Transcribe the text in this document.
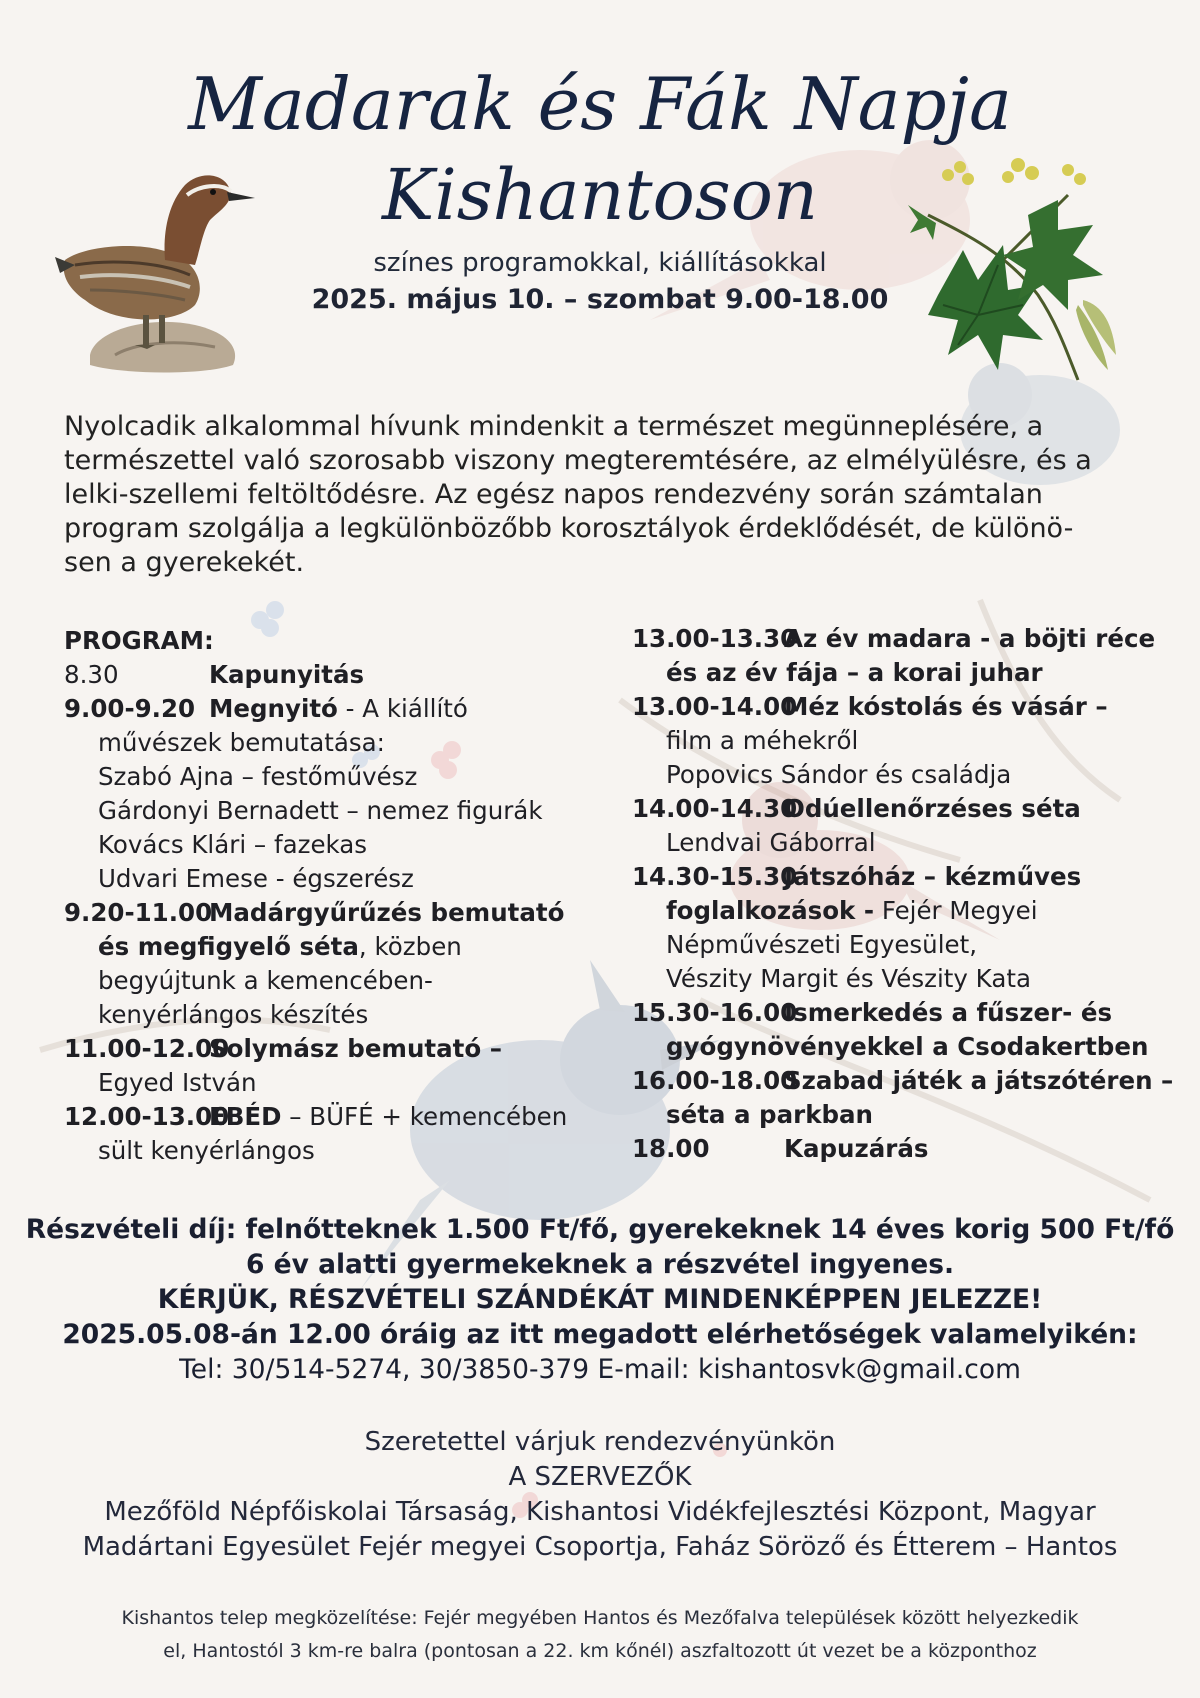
Madarak és Fák Napja
Kishantoson
színes programokkal, kiállításokkal
2025. május 10. – szombat 9.00-18.00
Nyolcadik alkalommal hívunk mindenkit a természet megünneplésére, a
természettel való szorosabb viszony megteremtésére, az elmélyülésre, és a
lelki-szellemi feltöltődésre. Az egész napos rendezvény során számtalan
program szolgálja a legkülönbözőbb korosztályok érdeklődését, de különö-
sen a gyerekekét.
PROGRAM:
8.30	Kapunyitás
9.00-9.20 Megnyitó - A kiállító
művészek bemutatása:
Szabó Ajna – festőművész
Gárdonyi Bernadett – nemez figurák
Kovács Klári – fazekas
Udvari Emese - égszerész
9.20-11.00Madárgyűrűzés bemutató
és megfigyelő séta, közben
begyújtunk a kemencében-
kenyérlángos készítés
11.00-12.00Solymász bemutató –
Egyed István
12.00-13.00EBÉD – BÜFÉ + kemencében
sült kenyérlángos
13.00-13.30Az év madara - a böjti réce
és az év fája – a korai juhar
13.00-14.00Méz kóstolás és vásár –
film a méhekről
Popovics Sándor és családja
14.00-14.30Odúellenőrzéses séta
Lendvai Gáborral
14.30-15.30Játszóház – kézműves
foglalkozások - Fejér Megyei
Népművészeti Egyesület,
Vészity Margit és Vészity Kata
15.30-16.00Ismerkedés a fűszer- és
gyógynövényekkel a Csodakertben
16.00-18.00Szabad játék a játszótéren –
séta a parkban
18.00	Kapuzárás
Részvételi díj: felnőtteknek 1.500 Ft/fő, gyerekeknek 14 éves korig 500 Ft/fő
6 év alatti gyermekeknek a részvétel ingyenes.
KÉRJÜK, RÉSZVÉTELI SZÁNDÉKÁT MINDENKÉPPEN JELEZZE!
2025.05.08-án 12.00 óráig az itt megadott elérhetőségek valamelyikén:
Tel: 30/514-5274, 30/3850-379 E-mail: kishantosvk@gmail.com
Szeretettel várjuk rendezvényünkön
A SZERVEZŐK
Mezőföld Népfőiskolai Társaság, Kishantosi Vidékfejlesztési Központ, Magyar
Madártani Egyesület Fejér megyei Csoportja, Faház Söröző és Étterem – Hantos
Kishantos telep megközelítése: Fejér megyében Hantos és Mezőfalva települések között helyezkedik
el, Hantostól 3 km-re balra (pontosan a 22. km kőnél) aszfaltozott út vezet be a központhoz
